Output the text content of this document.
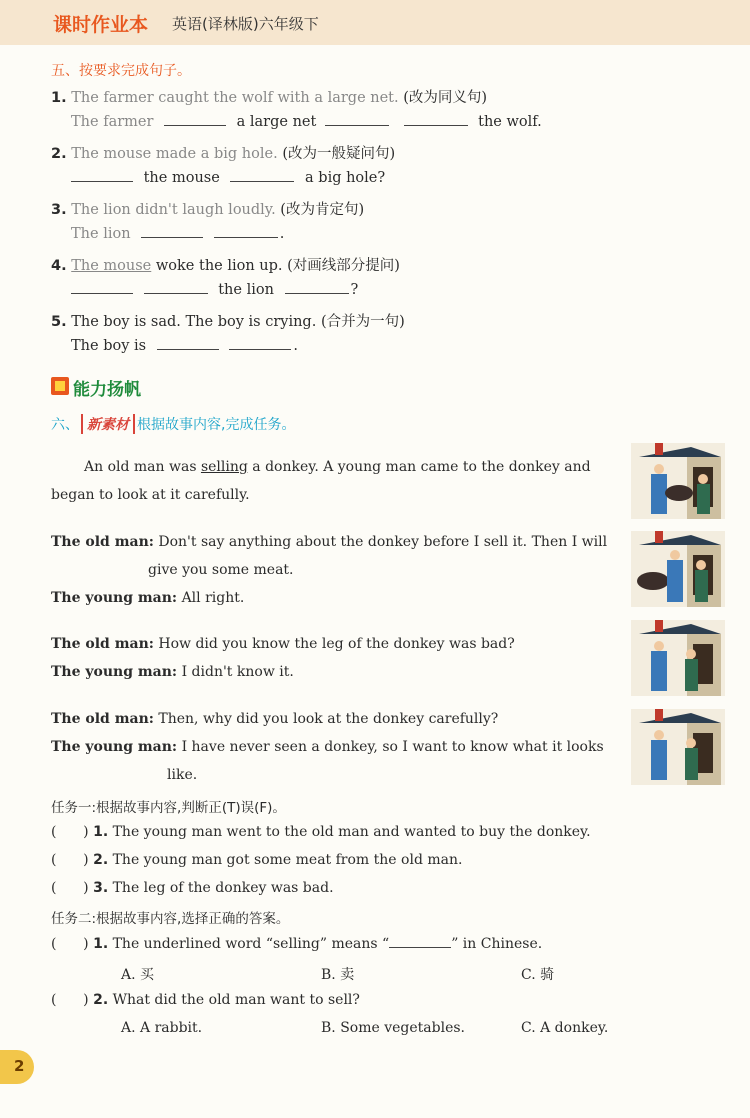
课时作业本 英语(译林版)六年级下
五、按要求完成句子。
1. The farmer caught the wolf with a large net. (改为同义句)
The farmer	a large net	the wolf.
2. The mouse made a big hole. (改为一般疑问句)
the mouse	a big hole?
3. The lion didn't laugh loudly. (改为肯定句)
The lion	.
4. The mouse woke the lion up. (对画线部分提问)
the lion	?
5. The boy is sad. The boy is crying. (合并为一句)
The boy is	.
能力扬帆
六、 新素材 根据故事内容,完成任务。
An old man was selling a donkey. A young man came to the donkey and
began to look at it carefully.
The old man: Don't say anything about the donkey before I sell it. Then I will
give you some meat.
The young man: All right.
The old man: How did you know the leg of the donkey was bad?
The young man: I didn't know it.
The old man: Then, why did you look at the donkey carefully?
The young man: I have never seen a donkey, so I want to know what it looks
like.
任务一:根据故事内容,判断正(T)误(F)。
(      ) 1. The young man went to the old man and wanted to buy the donkey.
(      ) 2. The young man got some meat from the old man.
(      ) 3. The leg of the donkey was bad.
任务二:根据故事内容,选择正确的答案。
(      ) 1. The underlined word “selling” means “	” in Chinese.
A. 买	B. 卖	C. 骑
(      ) 2. What did the old man want to sell?
A. A rabbit.	B. Some vegetables.	C. A donkey.
2
